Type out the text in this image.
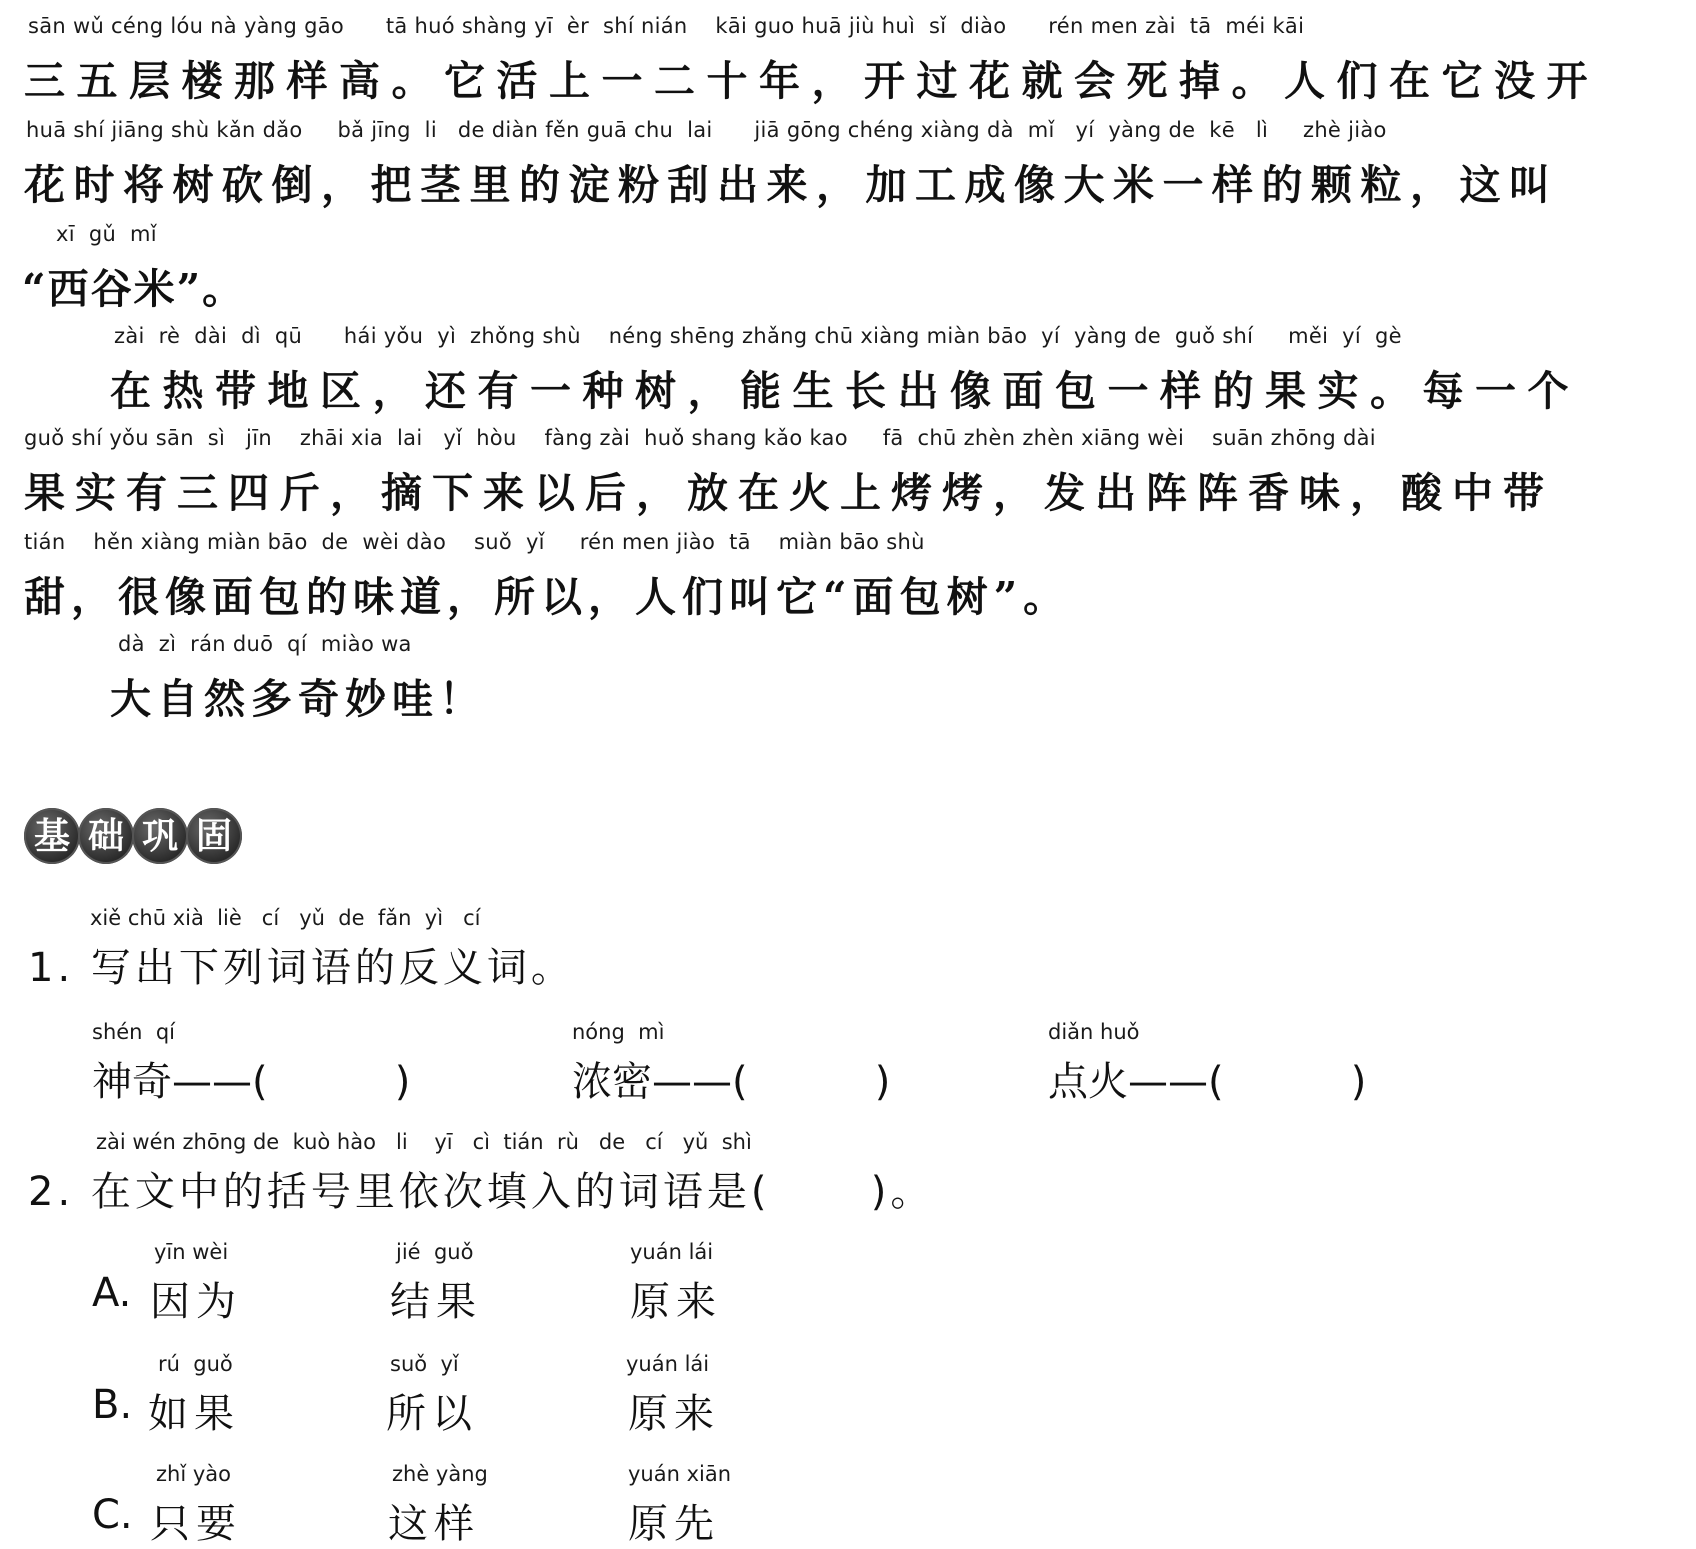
sān wǔ céng lóu nà yàng gāo      tā huó shàng yī  èr  shí nián    kāi guo huā jiù huì  sǐ  diào      rén men zài  tā  méi kāi
三五层楼那样高。它活上一二十年，开过花就会死掉。人们在它没开
huā shí jiāng shù kǎn dǎo     bǎ jīng  li   de diàn fěn guā chu  lai      jiā gōng chéng xiàng dà  mǐ   yí  yàng de  kē   lì     zhè jiào
花时将树砍倒，把茎里的淀粉刮出来，加工成像大米一样的颗粒，这叫
xī  gǔ  mǐ
“西谷米”。
zài  rè  dài  dì  qū      hái yǒu  yì  zhǒng shù    néng shēng zhǎng chū xiàng miàn bāo  yí  yàng de  guǒ shí     měi  yí  gè
在热带地区，还有一种树，能生长出像面包一样的果实。每一个
guǒ shí yǒu sān  sì   jīn    zhāi xia  lai   yǐ  hòu    fàng zài  huǒ shang kǎo kao     fā  chū zhèn zhèn xiāng wèi    suān zhōng dài
果实有三四斤，摘下来以后，放在火上烤烤，发出阵阵香味，酸中带
tián    hěn xiàng miàn bāo  de  wèi dào    suǒ  yǐ     rén men jiào  tā    miàn bāo shù
甜，很像面包的味道，所以，人们叫它“面包树”。
dà  zì  rán duō  qí  miào wa
大自然多奇妙哇！
基 础 巩 固
xiě chū xià  liè   cí   yǔ  de  fǎn  yì   cí
1. 写出下列词语的反义词。
shén  qí
神奇——(          )
nóng  mì
浓密——(          )
diǎn huǒ
点火——(          )
zài wén zhōng de  kuò hào   li    yī   cì  tián  rù   de   cí   yǔ  shì
2. 在文中的括号里依次填入的词语是(      )。
A.
yīn wèi
因为
jié  guǒ
结果
yuán lái
原来
B.
rú  guǒ
如果
suǒ  yǐ
所以
yuán lái
原来
C.
zhǐ yào
只要
zhè yàng
这样
yuán xiān
原先
